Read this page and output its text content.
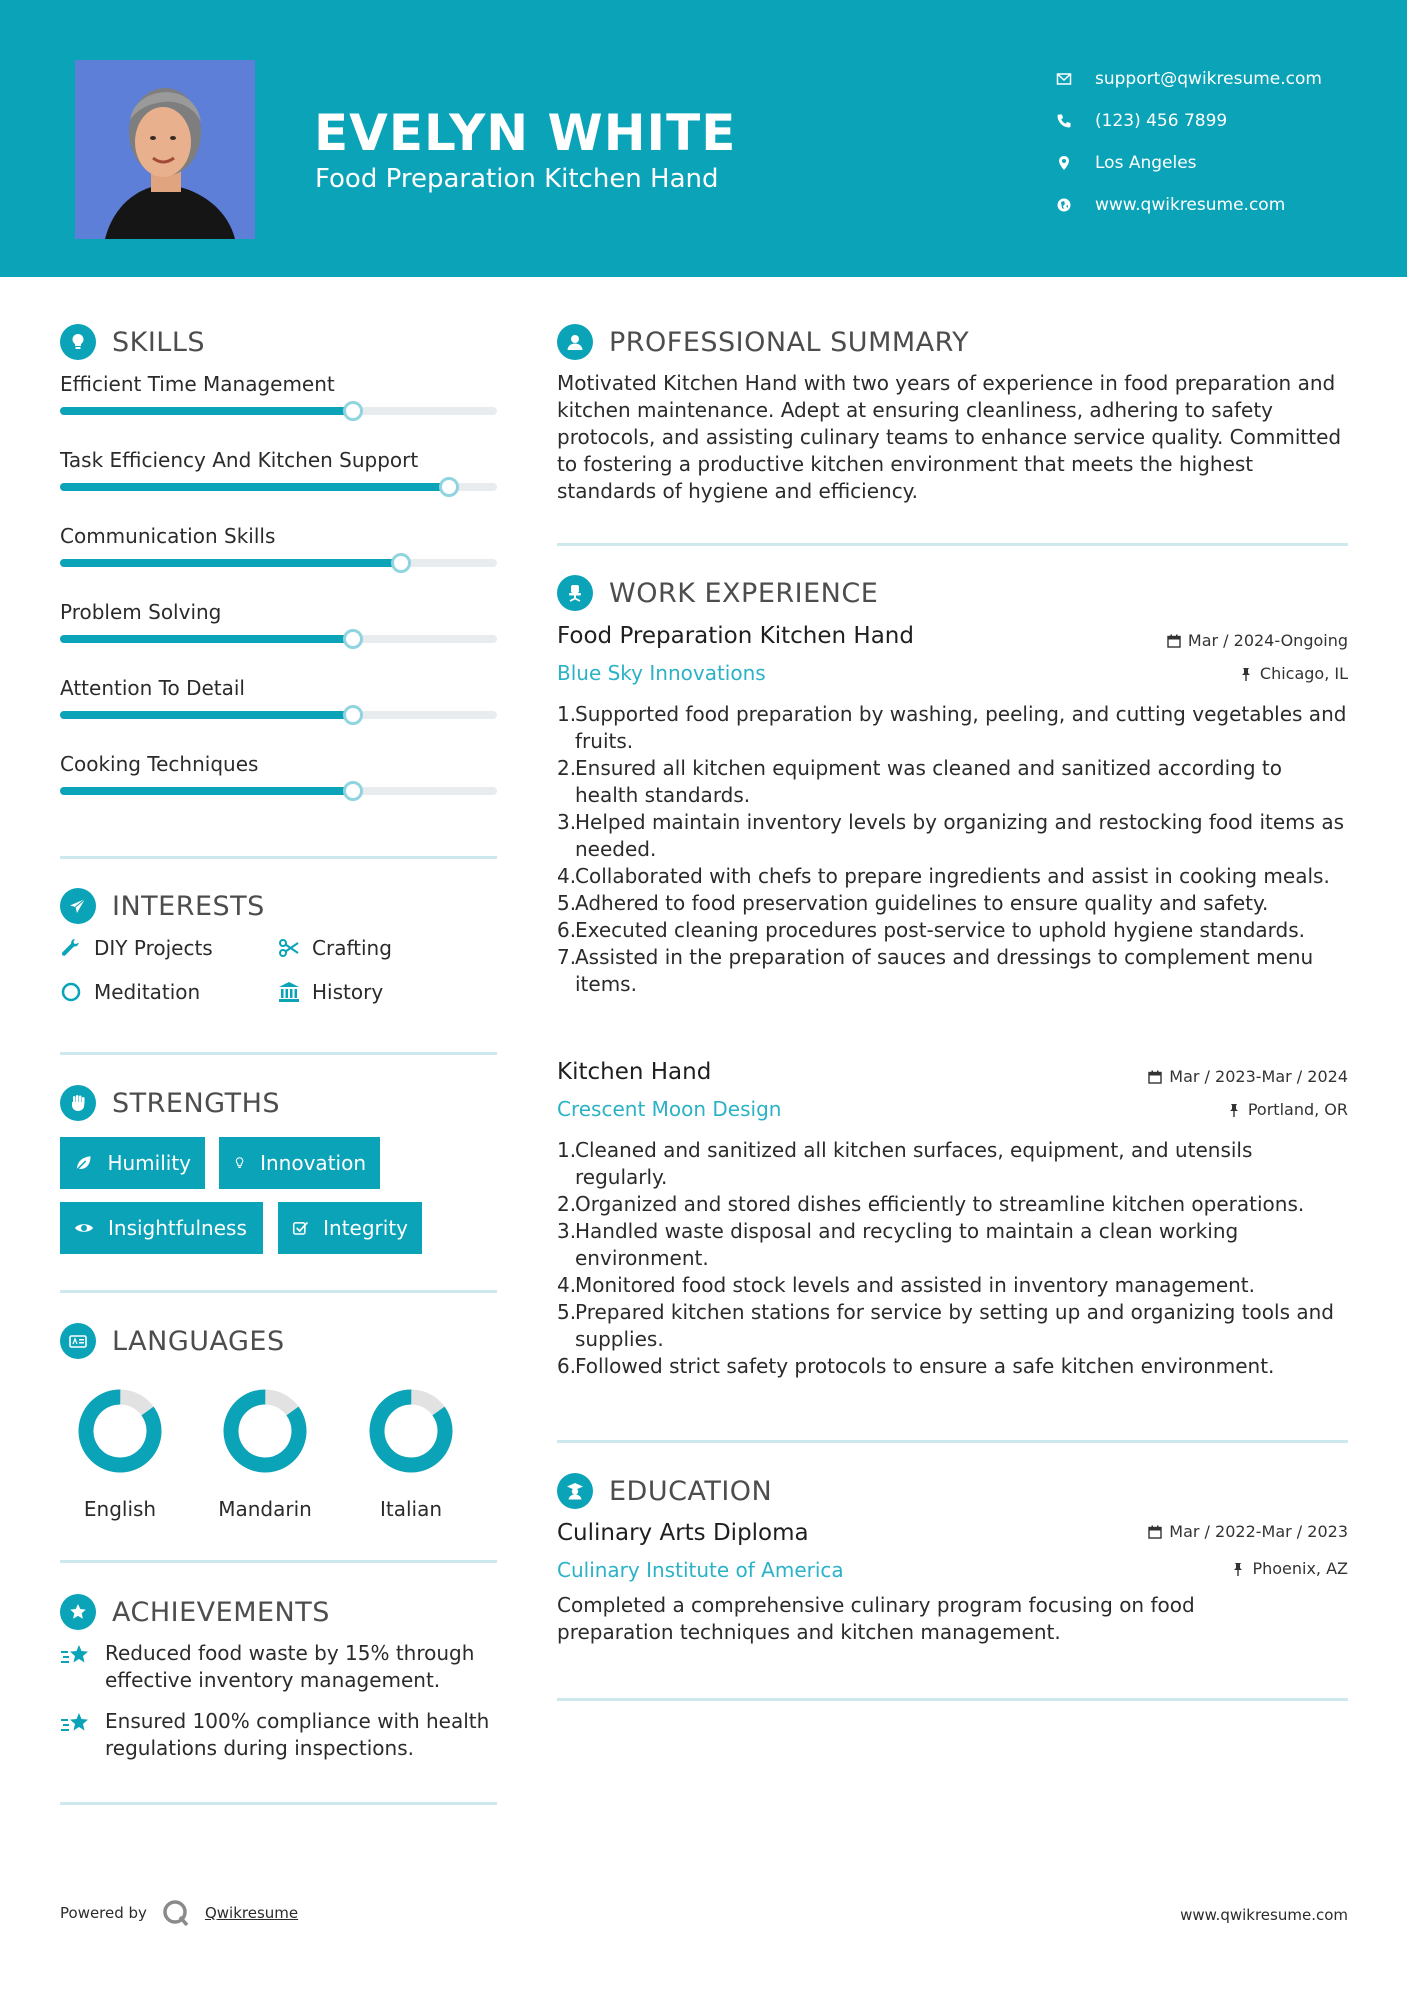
EVELYN WHITE
Food Preparation Kitchen Hand
support@qwikresume.com
(123) 456 7899
Los Angeles
www.qwikresume.com
SKILLS
Efficient Time Management
Task Efficiency And Kitchen Support
Communication Skills
Problem Solving
Attention To Detail
Cooking Techniques
INTERESTS
DIY Projects	Crafting
Meditation	History
STRENGTHS
Humility	Innovation
Insightfulness	Integrity
LANGUAGES
English	Mandarin	Italian
ACHIEVEMENTS
Reduced food waste by 15% through effective inventory management.
Ensured 100% compliance with health regulations during inspections.
PROFESSIONAL SUMMARY
Motivated Kitchen Hand with two years of experience in food preparation and kitchen maintenance. Adept at ensuring cleanliness, adhering to safety protocols, and assisting culinary teams to enhance service quality. Committed to fostering a productive kitchen environment that meets the highest standards of hygiene and efficiency.
WORK EXPERIENCE
Food Preparation Kitchen Hand	Mar / 2024-Ongoing
Blue Sky Innovations	Chicago, IL
1.
Supported food preparation by washing, peeling, and cutting vegetables and fruits.
2.
Ensured all kitchen equipment was cleaned and sanitized according to health standards.
3.
Helped maintain inventory levels by organizing and restocking food items as needed.
4.
Collaborated with chefs to prepare ingredients and assist in cooking meals.
5.
Adhered to food preservation guidelines to ensure quality and safety.
6.
Executed cleaning procedures post-service to uphold hygiene standards.
7.
Assisted in the preparation of sauces and dressings to complement menu items.
Kitchen Hand	Mar / 2023-Mar / 2024
Crescent Moon Design	Portland, OR
1.
Cleaned and sanitized all kitchen surfaces, equipment, and utensils regularly.
2.
Organized and stored dishes efficiently to streamline kitchen operations.
3.
Handled waste disposal and recycling to maintain a clean working environment.
4.
Monitored food stock levels and assisted in inventory management.
5.
Prepared kitchen stations for service by setting up and organizing tools and supplies.
6.
Followed strict safety protocols to ensure a safe kitchen environment.
EDUCATION
Culinary Arts Diploma	Mar / 2022-Mar / 2023
Culinary Institute of America	Phoenix, AZ
Completed a comprehensive culinary program focusing on food preparation techniques and kitchen management.
Powered by	Qwikresume	www.qwikresume.com
